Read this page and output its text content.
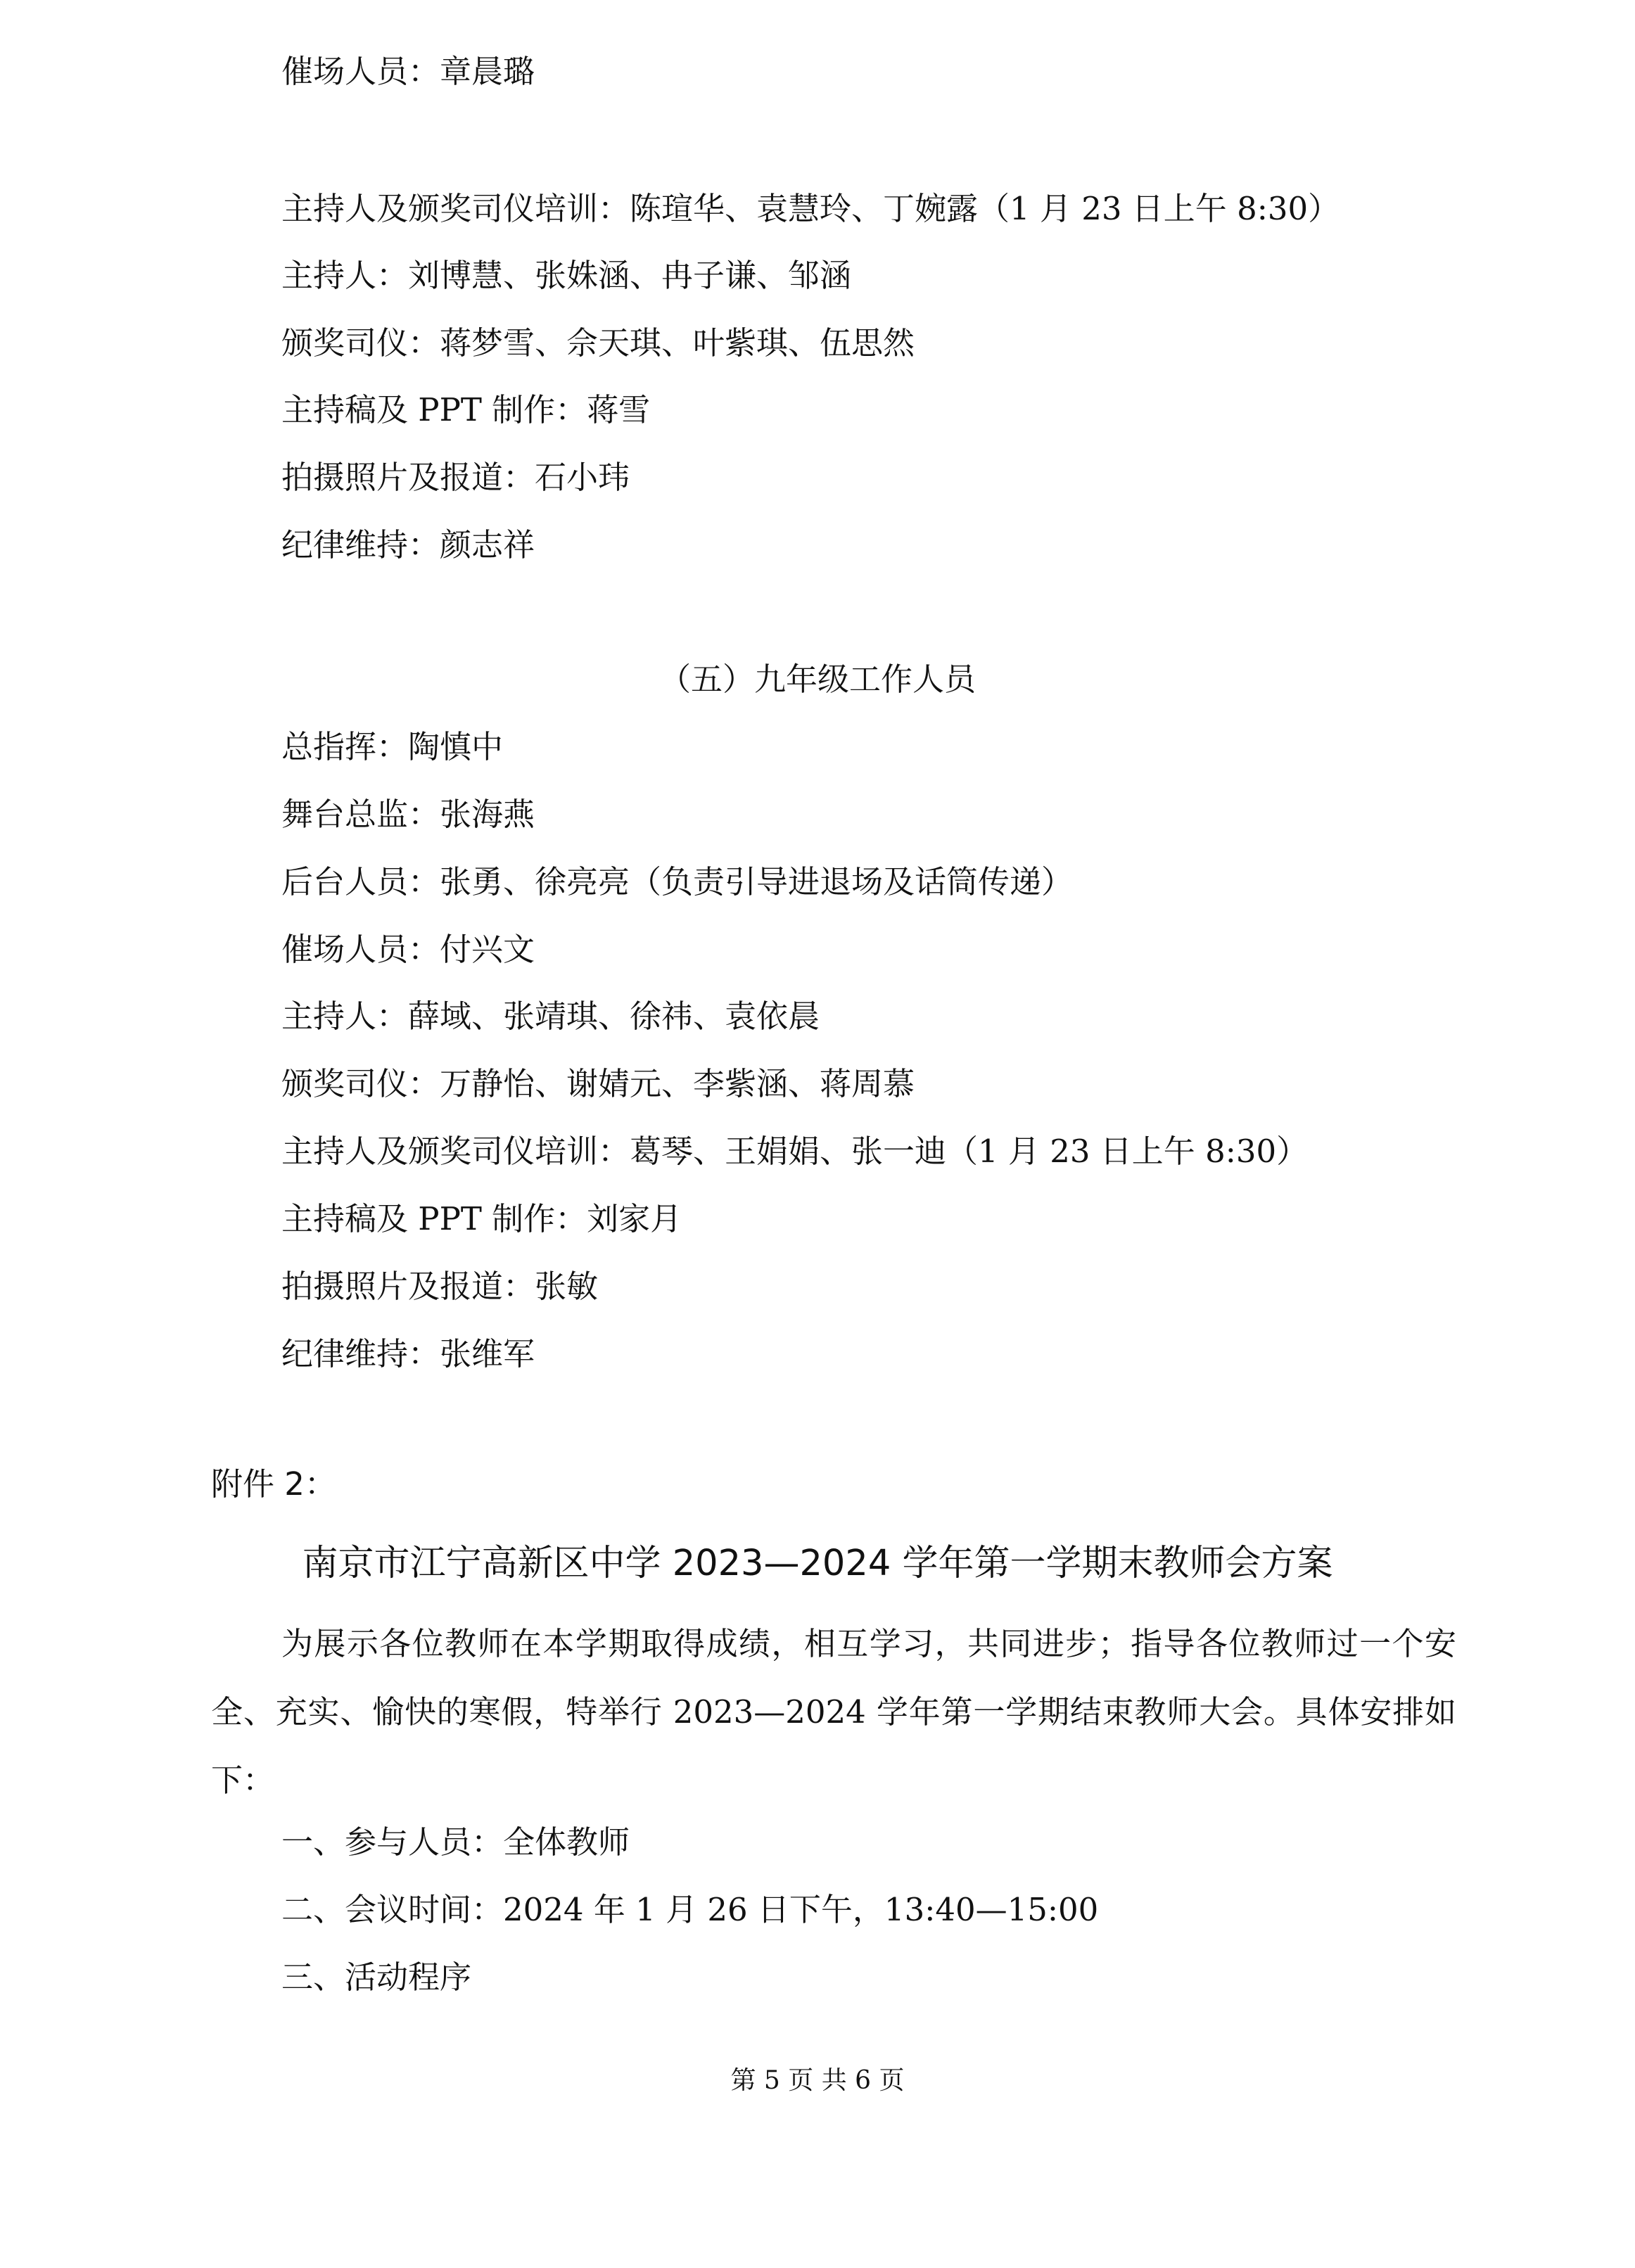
催场人员：章晨璐
主持人及颁奖司仪培训：陈瑄华、袁慧玲、丁婉露（1 月 23 日上午 8:30）
主持人：刘博慧、张姝涵、冉子谦、邹涵
颁奖司仪：蒋梦雪、佘天琪、叶紫琪、伍思然
主持稿及 PPT 制作：蒋雪
拍摄照片及报道：石小玮
纪律维持：颜志祥
（五）九年级工作人员
总指挥：陶慎中
舞台总监：张海燕
后台人员：张勇、徐亮亮（负责引导进退场及话筒传递）
催场人员：付兴文
主持人：薛域、张靖琪、徐祎、袁依晨
颁奖司仪：万静怡、谢婧元、李紫涵、蒋周慕
主持人及颁奖司仪培训：葛琴、王娟娟、张一迪（1 月 23 日上午 8:30）
主持稿及 PPT 制作：刘家月
拍摄照片及报道：张敏
纪律维持：张维军
附件 2：
南京市江宁高新区中学 2023—2024 学年第一学期末教师会方案
为展示各位教师在本学期取得成绩，相互学习，共同进步；指导各位教师过一个安全、充实、愉快的寒假，特举行 2023—2024 学年第一学期结束教师大会。具体安排如下：
一、参与人员：全体教师
二、会议时间：2024 年 1 月 26 日下午，13:40—15:00
三、活动程序
第 5 页 共 6 页
